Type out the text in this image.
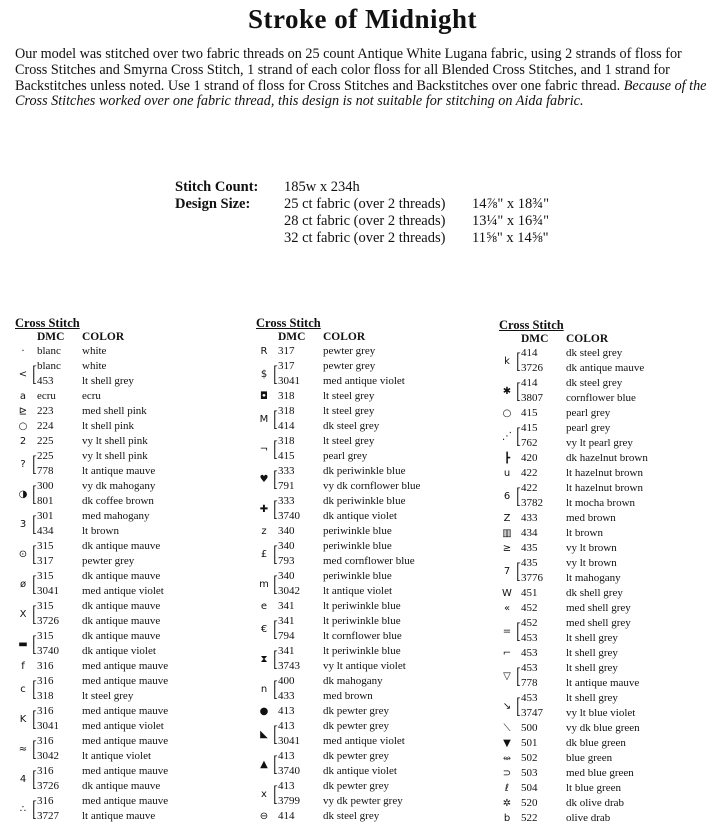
Stroke of Midnight
Our model was stitched over two fabric threads on 25 count Antique White Lugana fabric, using 2 strands of floss for Cross Stitches and Smyrna Cross Stitch, 1 strand of each color floss for all Blended Cross Stitches, and 1 strand for Backstitches unless noted. Use 1 strand of floss for Cross Stitches and Backstitches over one fabric thread. Because of the Cross Stitches worked over one fabric thread, this design is not suitable for stitching on Aida fabric.
Stitch Count:	185w x 234h
Design Size:	25 ct fabric (over 2 threads)	14⅞" x 18¾"
28 ct fabric (over 2 threads)	13¼" x 16¾"
32 ct fabric (over 2 threads)	11⅝" x 14⅝"
Cross Stitch
DMC	COLOR
·	blanc	white
< [ blanc	white
453	lt shell grey
a ecru	ecru
⊵ 223	med shell pink
○ 224	lt shell pink
2 225	vy lt shell pink
? [ 225	vy lt shell pink
778	lt antique mauve
◑ [ 300	vy dk mahogany
801	dk coffee brown
3 [ 301	med mahogany
434	lt brown
⊙ [ 315	dk antique mauve
317	pewter grey
ø [ 315	dk antique mauve
3041	med antique violet
X [ 315	dk antique mauve
3726	dk antique mauve
▬ [ 315	dk antique mauve
3740	dk antique violet
f	316	med antique mauve
c [ 316	med antique mauve
318	lt steel grey
K [ 316	med antique mauve
3041	med antique violet
≈ [ 316	med antique mauve
3042	lt antique violet
4 [ 316	med antique mauve
3726	dk antique mauve
∴ [ 316	med antique mauve
3727	lt antique mauve
Cross Stitch
DMC	COLOR
R 317	pewter grey
$ [ 317	pewter grey
3041	med antique violet
◘ 318	lt steel grey
M [ 318	lt steel grey
414	dk steel grey
¬ [ 318	lt steel grey
415	pearl grey
♥ [ 333	dk periwinkle blue
791	vy dk cornflower blue
✚ [ 333	dk periwinkle blue
3740	dk antique violet
z	340	periwinkle blue
£ [ 340	periwinkle blue
793	med cornflower blue
m [ 340	periwinkle blue
3042	lt antique violet
e 341	lt periwinkle blue
€ [ 341	lt periwinkle blue
794	lt cornflower blue
⧗ [ 341	lt periwinkle blue
3743	vy lt antique violet
n [ 400	dk mahogany
433	med brown
● 413	dk pewter grey
◣ [ 413	dk pewter grey
3041	med antique violet
▲ [ 413	dk pewter grey
3740	dk antique violet
x [ 413	dk pewter grey
3799	vy dk pewter grey
⊖ 414	dk steel grey
Cross Stitch
DMC	COLOR
k [ 414	dk steel grey
3726	dk antique mauve
✱ [ 414	dk steel grey
3807	cornflower blue
○ 415	pearl grey
⋰ [ 415	pearl grey
762	vy lt pearl grey
┣ 420	dk hazelnut brown
u 422	lt hazelnut brown
6 [ 422	lt hazelnut brown
3782	lt mocha brown
Z 433	med brown
▥ 434	lt brown
≥ 435	vy lt brown
7 [ 435	vy lt brown
3776	lt mahogany
W 451	dk shell grey
« 452	med shell grey
= [ 452	med shell grey
453	lt shell grey
⌐ 453	lt shell grey
▽ [ 453	lt shell grey
778	lt antique mauve
↘ [ 453	lt shell grey
3747	vy lt blue violet
⟍ 500	vy dk blue green
▼ 501	dk blue green
⥈ 502	blue green
⊃ 503	med blue green
ℓ	504	lt blue green
✲ 520	dk olive drab
b 522	olive drab
